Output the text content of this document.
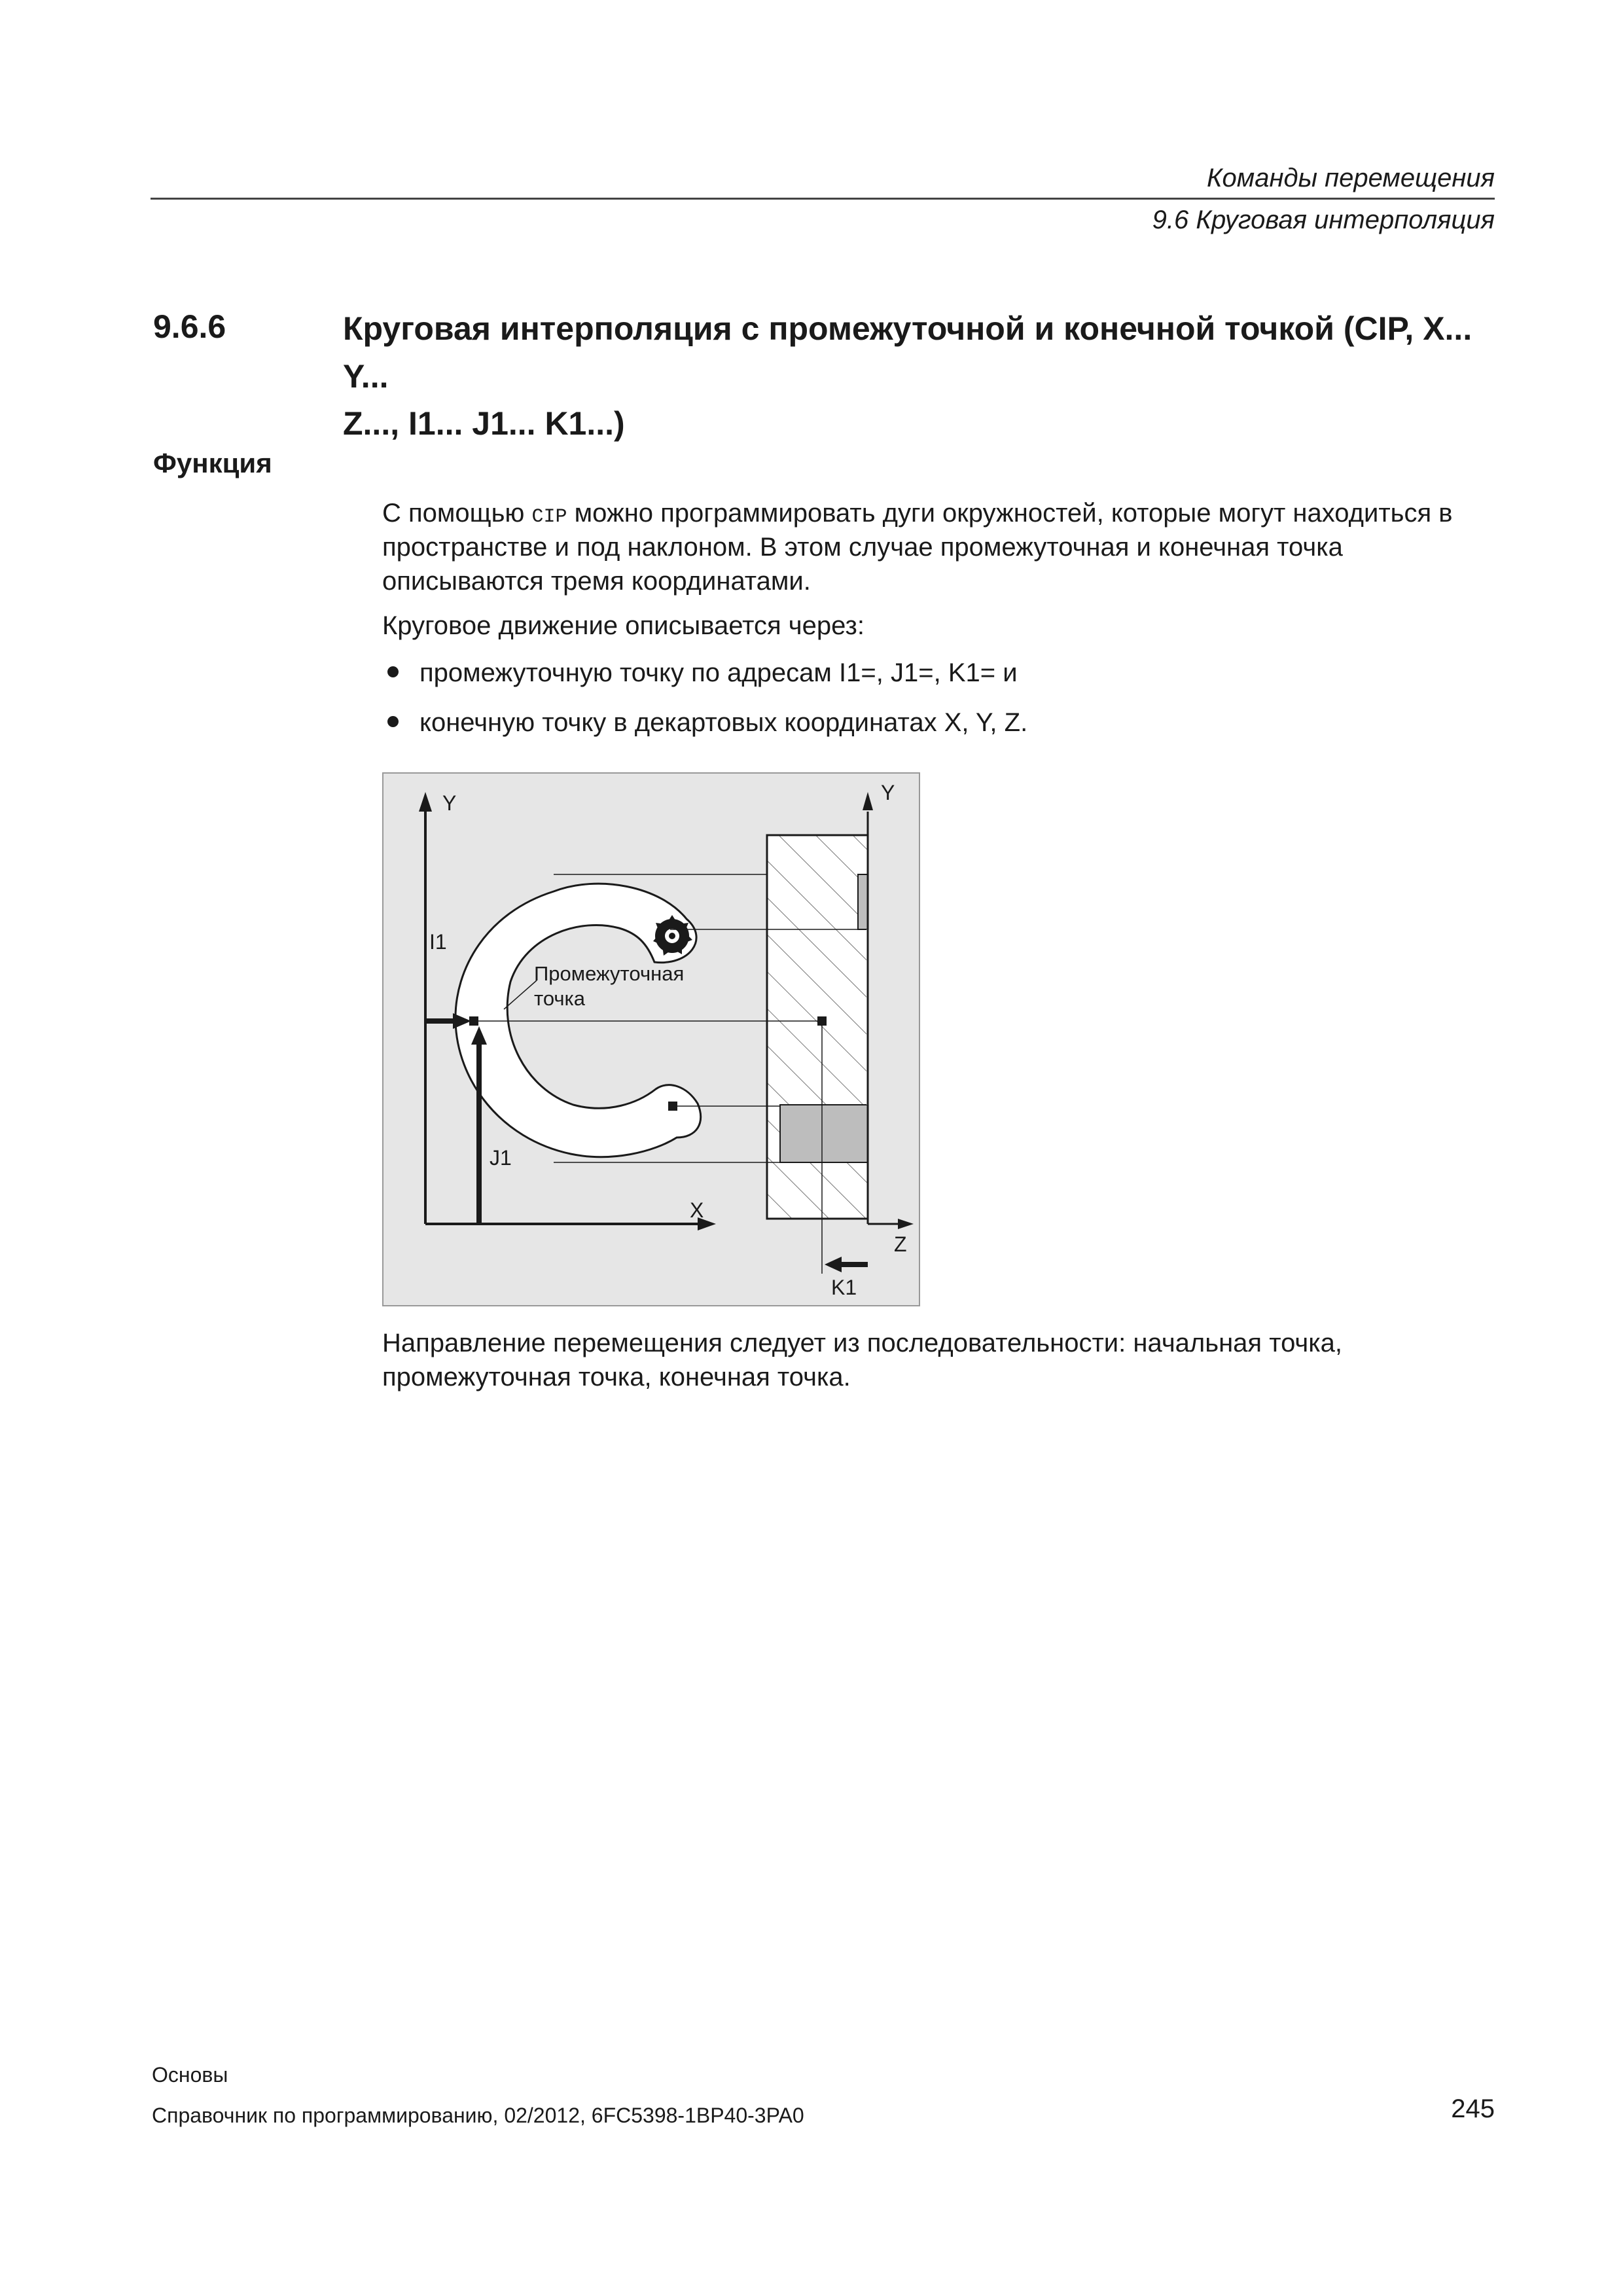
Команды перемещения
9.6 Круговая интерполяция
9.6.6	Круговая интерполяция с промежуточной и конечной точкой (CIP, X... Y...
Z..., I1... J1... K1...)
Функция
С помощью CIP можно программировать дуги окружностей, которые могут находиться в пространстве и под наклоном. В этом случае промежуточная и конечная точка описываются тремя координатами.
Круговое движение описывается через:
промежуточную точку по адресам I1=, J1=, K1= и
конечную точку в декартовых координатах X, Y, Z.
Y	Y
X
Z
I1
J1
K1
Промежуточная
точка
Направление перемещения следует из последовательности: начальная точка,
промежуточная точка, конечная точка.
Основы
Справочник по программированию, 02/2012, 6FC5398-1BP40-3PA0	245
